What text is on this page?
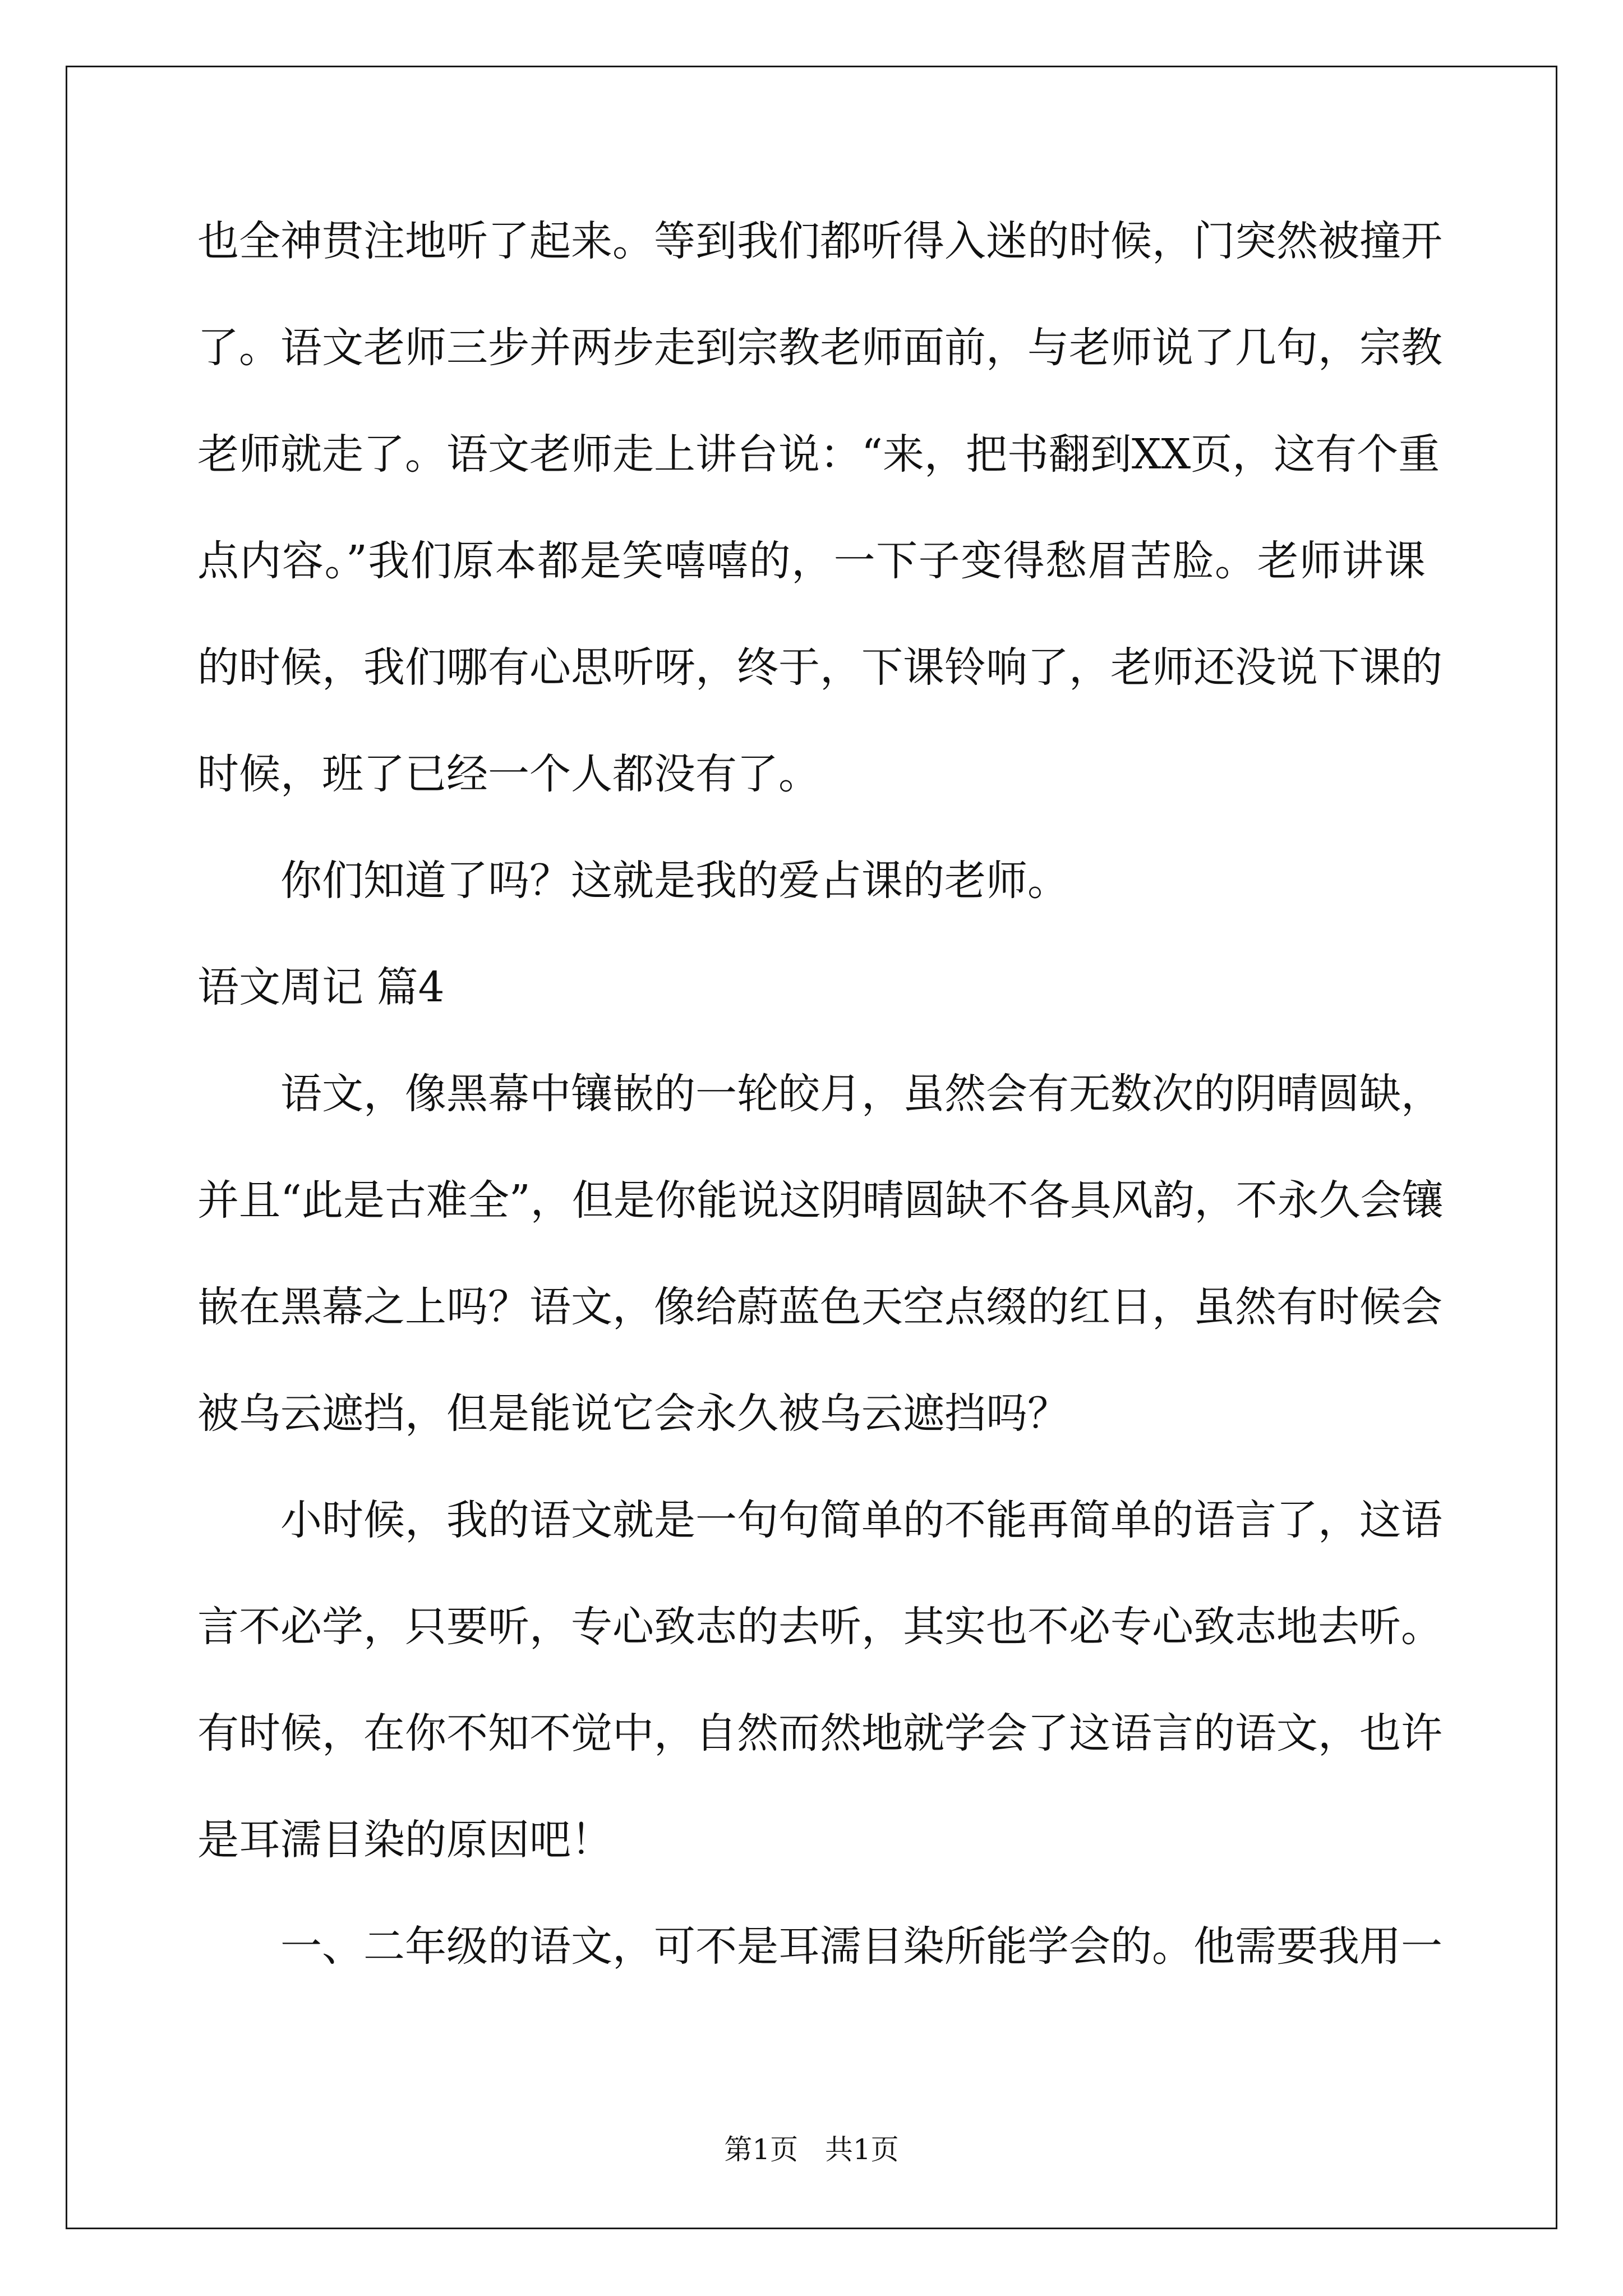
也全神贯注地听了起来。等到我们都听得入迷的时候，门突然被撞开
了。语文老师三步并两步走到宗教老师面前，与老师说了几句，宗教
老师就走了。语文老师走上讲台说：“来，把书翻到XX页，这有个重
点内容。”我们原本都是笑嘻嘻的，一下子变得愁眉苦脸。老师讲课
的时候，我们哪有心思听呀，终于，下课铃响了，老师还没说下课的
时候，班了已经一个人都没有了。
你们知道了吗？这就是我的爱占课的老师。
语文周记 篇4
语文，像黑幕中镶嵌的一轮皎月，虽然会有无数次的阴晴圆缺，
并且“此是古难全”，但是你能说这阴晴圆缺不各具风韵，不永久会镶
嵌在黑幕之上吗？语文，像给蔚蓝色天空点缀的红日，虽然有时候会
被乌云遮挡，但是能说它会永久被乌云遮挡吗？
小时候，我的语文就是一句句简单的不能再简单的语言了，这语
言不必学，只要听，专心致志的去听，其实也不必专心致志地去听。
有时候，在你不知不觉中，自然而然地就学会了这语言的语文，也许
是耳濡目染的原因吧！
一、二年级的语文，可不是耳濡目染所能学会的。他需要我用一
第1页 共1页
